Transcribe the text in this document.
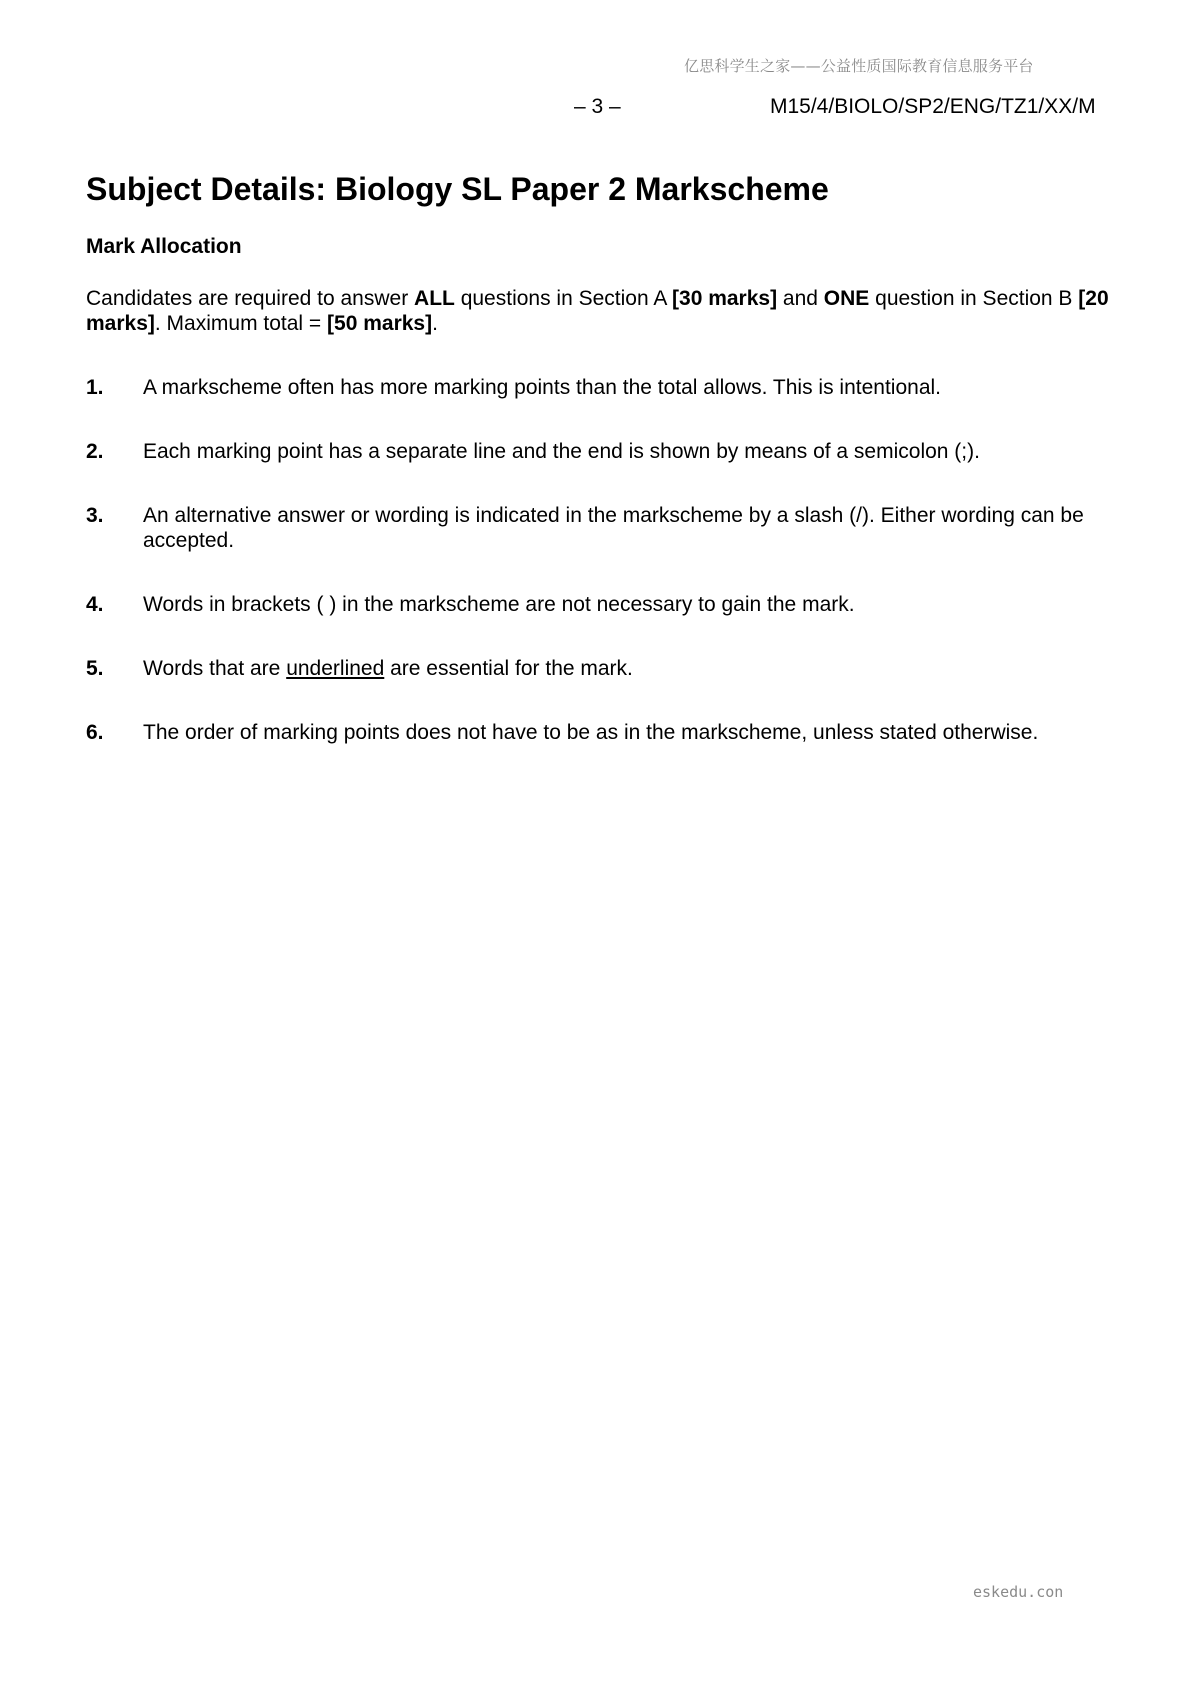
亿思科学生之家——公益性质国际教育信息服务平台
– 3 –	M15/4/BIOLO/SP2/ENG/TZ1/XX/M
Subject Details: Biology SL Paper 2 Markscheme
Mark Allocation

Candidates are required to answer ALL questions in Section A [30 marks] and ONE question in Section B [20 marks]. Maximum total = [50 marks].

1. A markscheme often has more marking points than the total allows. This is intentional.
2. Each marking point has a separate line and the end is shown by means of a semicolon (;).
3. An alternative answer or wording is indicated in the markscheme by a slash (/). Either wording can be accepted.
4. Words in brackets ( ) in the markscheme are not necessary to gain the mark.
5. Words that are underlined are essential for the mark.
6. The order of marking points does not have to be as in the markscheme, unless stated otherwise.
eskedu.con
